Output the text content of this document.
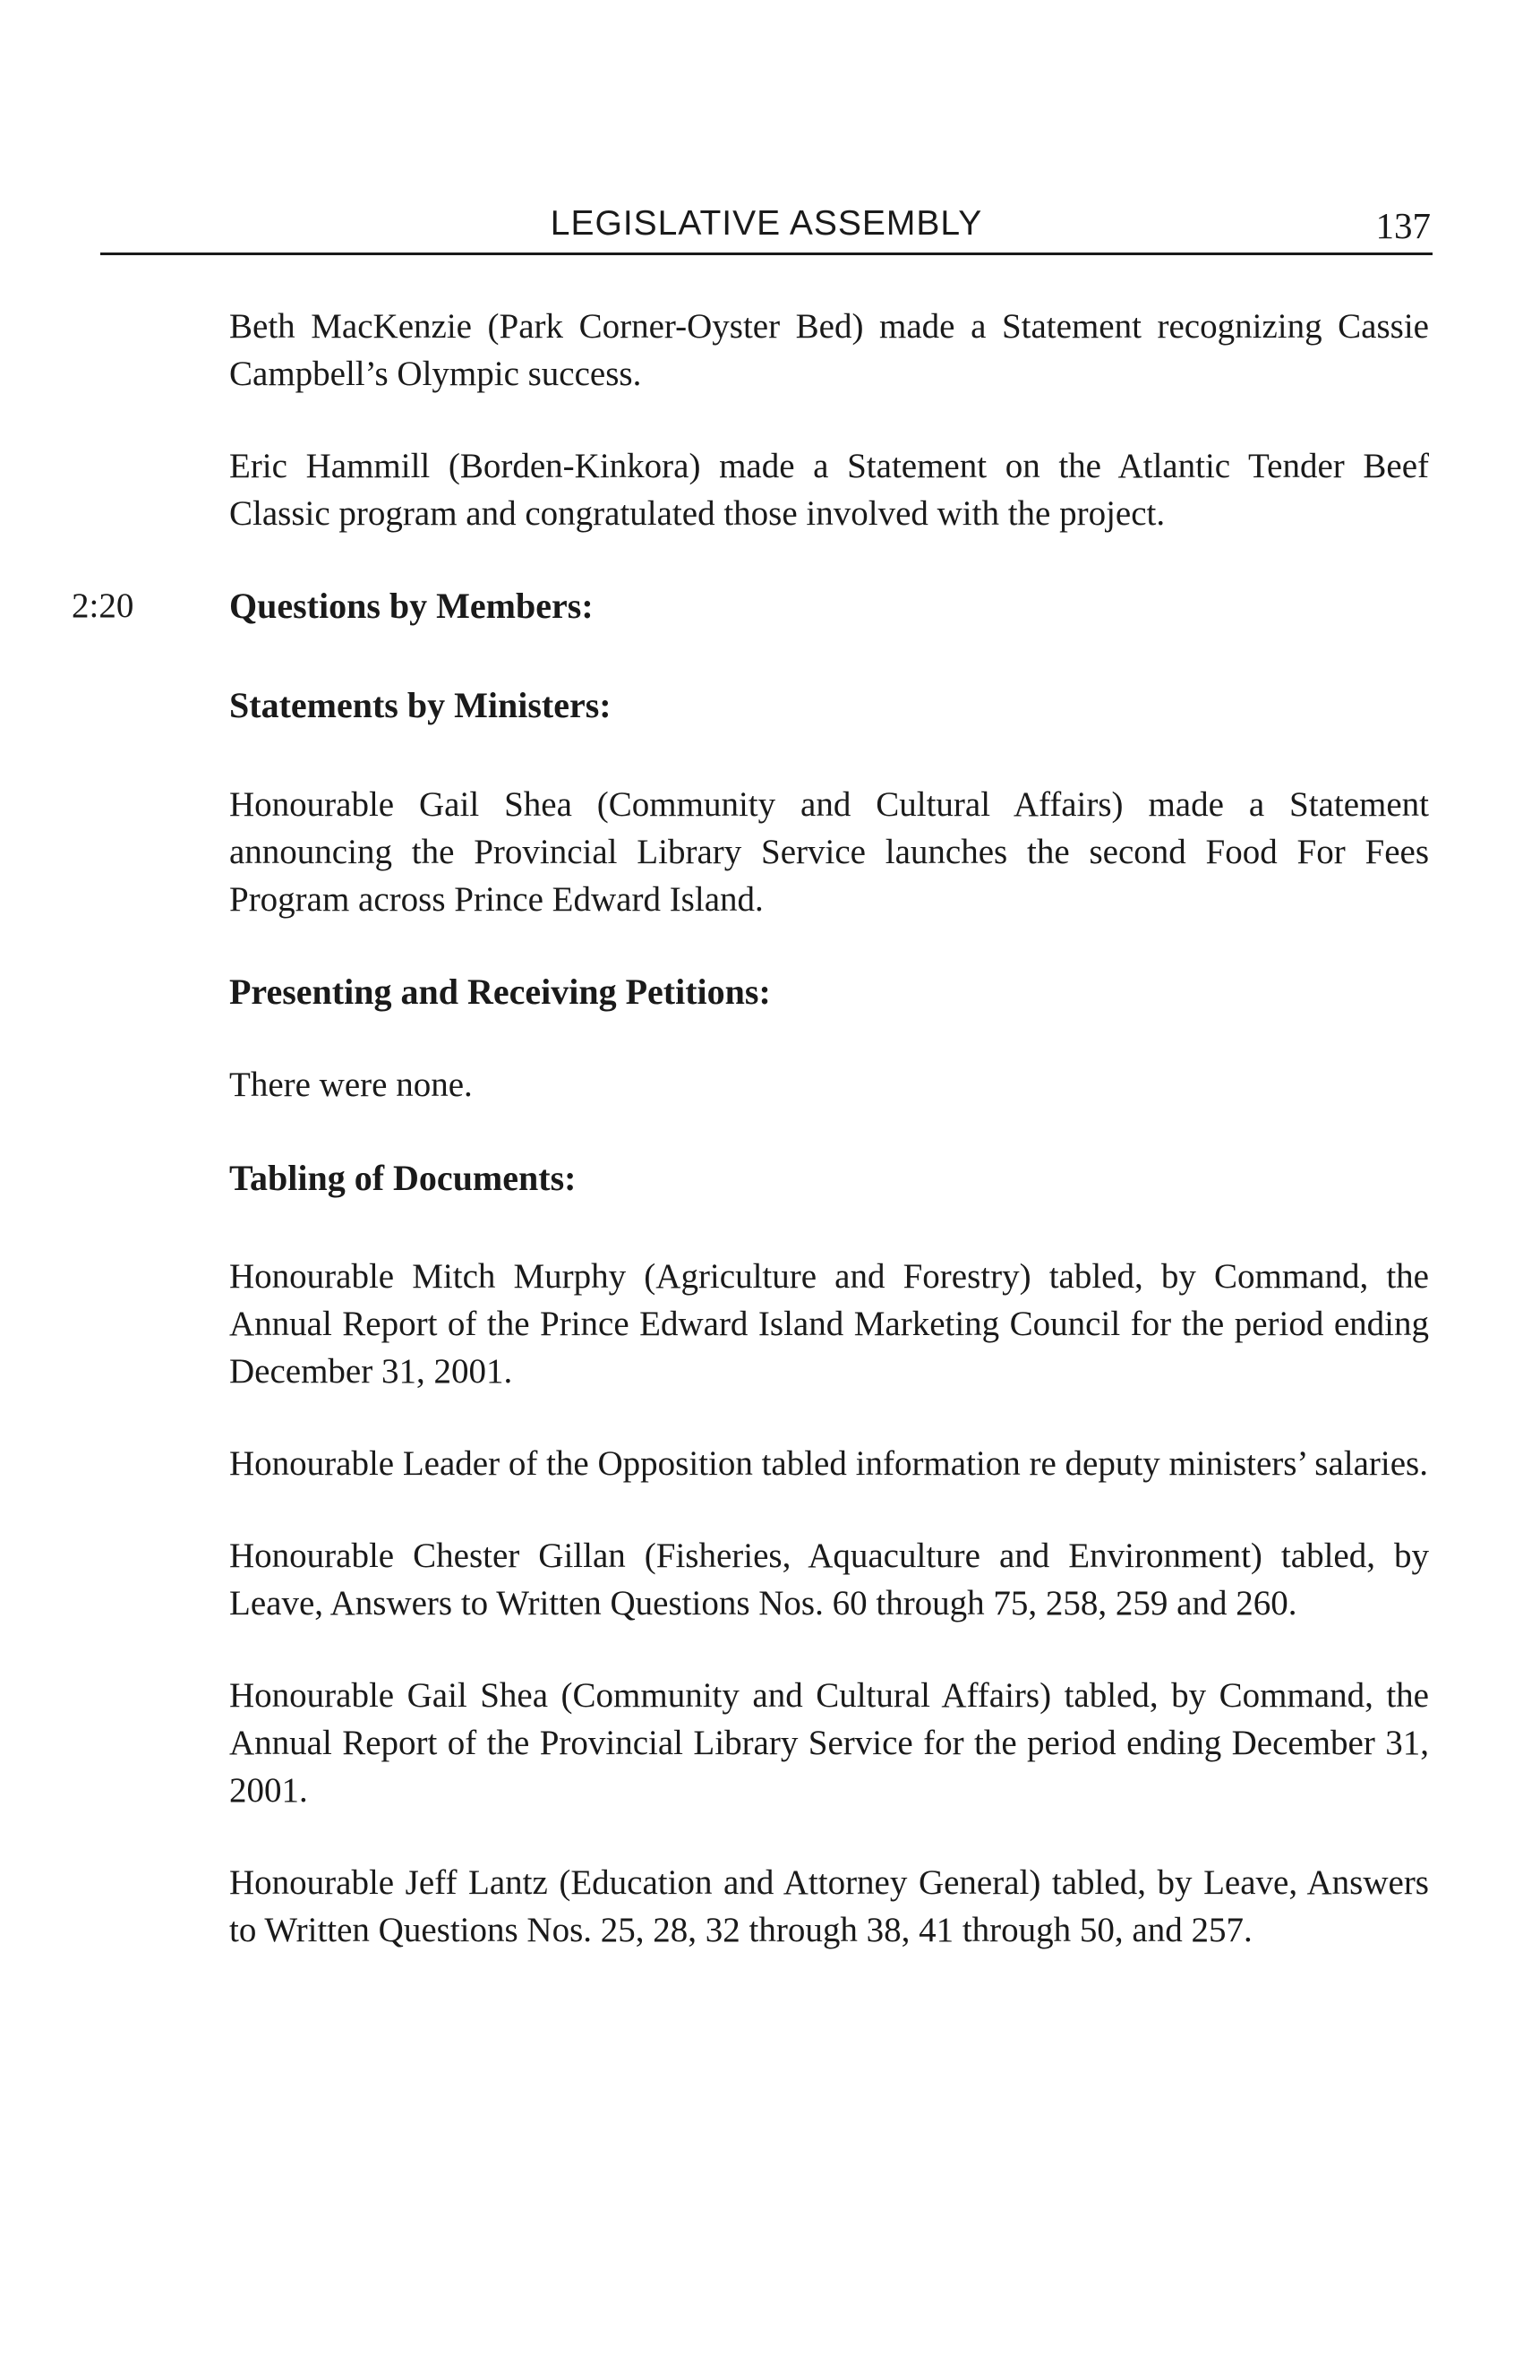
LEGISLATIVE ASSEMBLY	137

Beth MacKenzie (Park Corner-Oyster Bed) made a Statement recognizing Cassie Campbell’s Olympic success.

Eric Hammill (Borden-Kinkora) made a Statement on the Atlantic Tender Beef Classic program and congratulated those involved with the project.

2:20	Questions by Members:

Statements by Ministers:

Honourable Gail Shea (Community and Cultural Affairs) made a Statement announcing the Provincial Library Service launches the second Food For Fees Program across Prince Edward Island.

Presenting and Receiving Petitions:

There were none.

Tabling of Documents:

Honourable Mitch Murphy (Agriculture and Forestry) tabled, by Command, the Annual Report of the Prince Edward Island Marketing Council for the period ending December 31, 2001.

Honourable Leader of the Opposition tabled information re deputy ministers’ salaries.

Honourable Chester Gillan (Fisheries, Aquaculture and Environment) tabled, by Leave, Answers to Written Questions Nos. 60 through 75, 258, 259 and 260.

Honourable Gail Shea (Community and Cultural Affairs) tabled, by Command, the Annual Report of the Provincial Library Service for the period ending December 31, 2001.

Honourable Jeff Lantz (Education and Attorney General) tabled, by Leave, Answers to Written Questions Nos. 25, 28, 32 through 38, 41 through 50, and 257.
